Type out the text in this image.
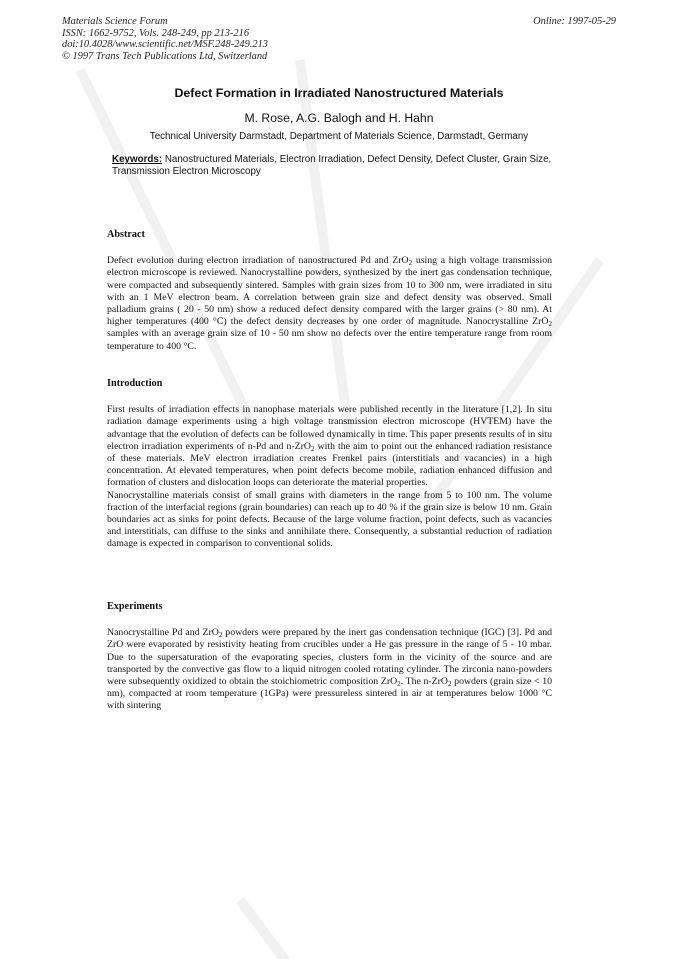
Materials Science Forum
ISSN: 1662-9752, Vols. 248-249, pp 213-216
doi:10.4028/www.scientific.net/MSF.248-249.213
© 1997 Trans Tech Publications Ltd, Switzerland
Online: 1997-05-29
Defect Formation in Irradiated Nanostructured Materials
M. Rose, A.G. Balogh and H. Hahn
Technical University Darmstadt, Department of Materials Science, Darmstadt, Germany
Keywords: Nanostructured Materials, Electron Irradiation, Defect Density, Defect Cluster, Grain Size, Transmission Electron Microscopy
Abstract

Defect evolution during electron irradiation of nanostructured Pd and ZrO$_2$ using a high voltage transmission electron microscope is reviewed. Nanocrystalline powders, synthesized by the inert gas condensation technique, were compacted and subsequently sintered. Samples with grain sizes from 10 to 300 nm, were irradiated in situ with an 1 MeV electron beam. A correlation between grain size and defect density was observed. Small palladium grains ( 20 - 50 nm) show a reduced defect density compared with the larger grains (> 80 nm). At higher temperatures (400 °C) the defect density decreases by one order of magnitude. Nanocrystalline ZrO$_2$ samples with an average grain size of 10 - 50 nm show no defects over the entire temperature range from room temperature to 400 °C.

Introduction

First results of irradiation effects in nanophase materials were published recently in the literature [1,2]. In situ radiation damage experiments using a high voltage transmission electron microscope (HVTEM) have the advantage that the evolution of defects can be followed dynamically in time. This paper presents results of in situ electron irradiation experiments of n-Pd and n-ZrO$_2$ with the aim to point out the enhanced radiation resistance of these materials. MeV electron irradiation creates Frenkel pairs (interstitials and vacancies) in a high concentration. At elevated temperatures, when point defects become mobile, radiation enhanced diffusion and formation of clusters and dislocation loops can deteriorate the material properties.

Nanocrystalline materials consist of small grains with diameters in the range from 5 to 100 nm. The volume fraction of the interfacial regions (grain boundaries) can reach up to 40 % if the grain size is below 10 nm. Grain boundaries act as sinks for point defects. Because of the large volume fraction, point defects, such as vacancies and interstitials, can diffuse to the sinks and annihilate there. Consequently, a substantial reduction of radiation damage is expected in comparison to conventional solids.

Experiments

Nanocrystalline Pd and ZrO$_2$ powders were prepared by the inert gas condensation technique (IGC) [3]. Pd and ZrO were evaporated by resistivity heating from crucibles under a He gas pressure in the range of 5 - 10 mbar. Due to the supersaturation of the evaporating species, clusters form in the vicinity of the source and are transported by the convective gas flow to a liquid nitrogen cooled rotating cylinder. The zirconia nano-powders were subsequently oxidized to obtain the stoichiometric composition ZrO$_2$. The n-ZrO$_2$ powders (grain size < 10 nm), compacted at room temperature (1GPa) were pressureless sintered in air at temperatures below 1000 °C with sintering
